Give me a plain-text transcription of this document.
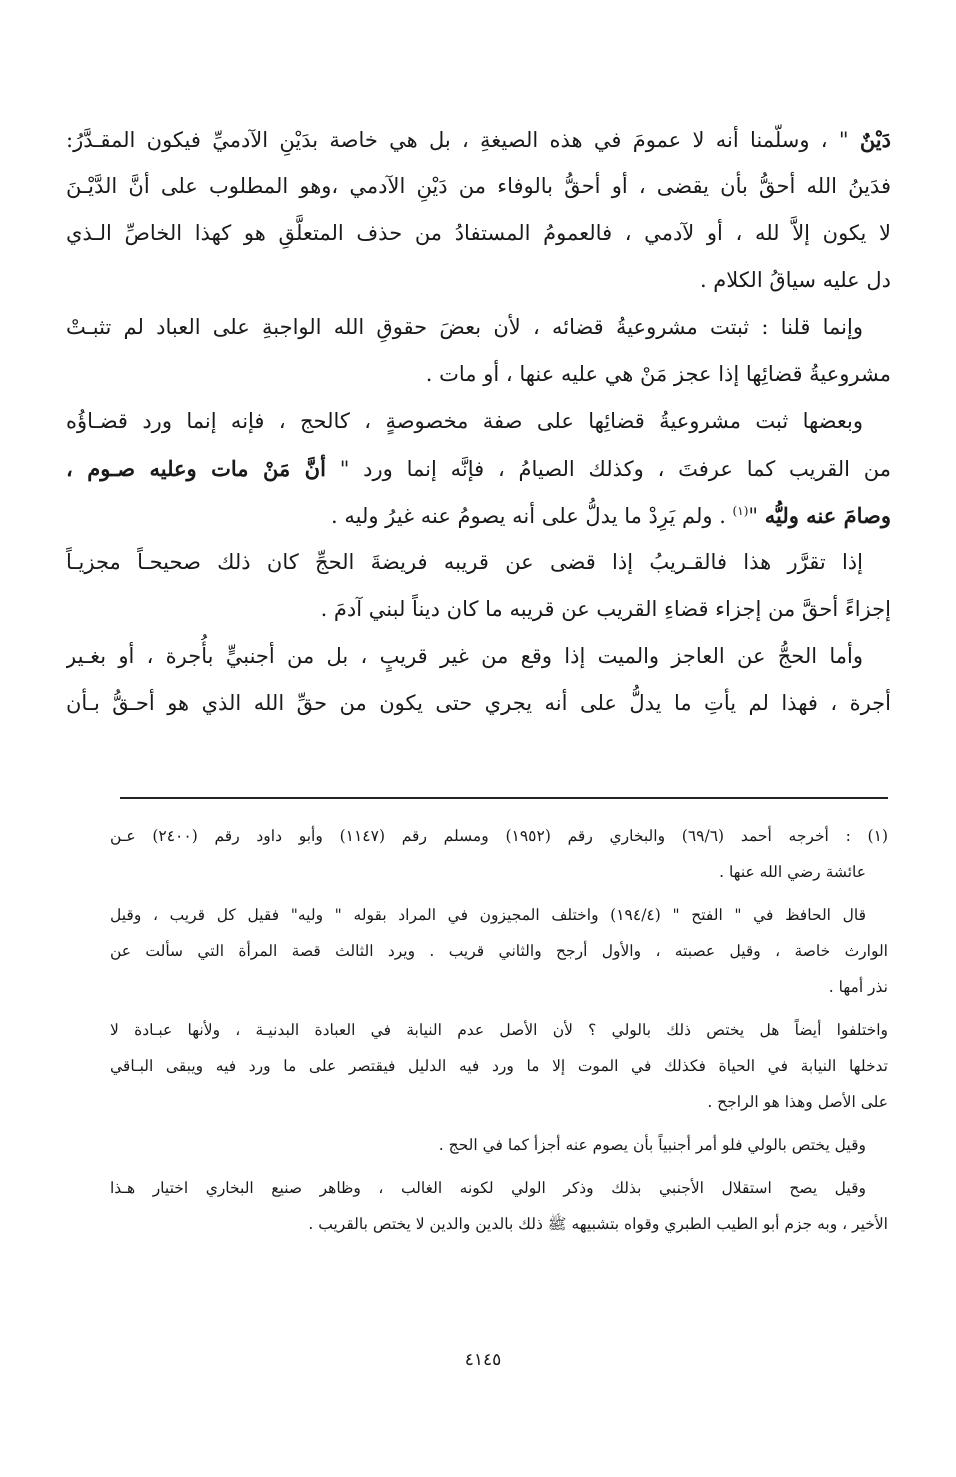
دَيْنٌ " ، وسلّمنا أنه لا عمومَ في هذه الصيغةِ ، بل هي خاصة بدَيْنِ الآدميِّ فيكون المقـدَّرُ:
فدَينُ الله أحقُّ بأن يقضى ، أو أحقُّ بالوفاء من دَيْنِ الآدمي ،وهو المطلوب على أنَّ الدَّيْـنَ
لا يكون إلاَّ لله ، أو لآدمي ، فالعمومُ المستفادُ من حذف المتعلَّقِ هو كهذا الخاصِّ الـذي
دل عليه سياقُ الكلام .
وإنما قلنا : ثبتت مشروعيةُ قضائه ، لأن بعضَ حقوقِ الله الواجبةِ على العباد لم تثبـتْ
مشروعيةُ قضائِها إذا عجز مَنْ هي عليه عنها ، أو مات .
وبعضها ثبت مشروعيةُ قضائِها على صفة مخصوصةٍ ، كالحج ، فإنه إنما ورد قضـاؤُه
من القريب كما عرفتَ ، وكذلك الصيامُ ، فإنَّه إنما ورد " أنَّ مَنْ مات وعليه صـوم ،
وصامَ عنه وليُّه "$^{(١)}$ . ولم يَرِدْ ما يدلُّ على أنه يصومُ عنه غيرُ وليه .
إذا تقرَّر هذا فالقـريبُ إذا قضى عن قريبه فريضةَ الحجِّ كان ذلك صحيحـاً مجزيـاً
إجزاءً أحقَّ من إجزاء قضاءِ القريب عن قريبه ما كان ديناً لبني آدمَ .
وأما الحجُّ عن العاجز والميت إذا وقع من غير قريبٍ ، بل من أجنبيٍّ بأُجرة ، أو بغـير
أجرة ، فهذا لم يأتِ ما يدلُّ على أنه يجري حتى يكون من حقِّ الله الذي هو أحـقُّ بـأن
(١) : أخرجه أحمد (٦٩/٦) والبخاري رقم (١٩٥٢) ومسلم رقم (١١٤٧) وأبو داود رقم (٢٤٠٠) عـن
عائشة رضي الله عنها .
قال الحافظ في " الفتح " (١٩٤/٤) واختلف المجيزون في المراد بقوله " وليه" فقيل كل قريب ، وقيل
الوارث خاصة ، وقيل عصبته ، والأول أرجح والثاني قريب . ويرد الثالث قصة المرأة التي سألت عن
نذر أمها .
واختلفوا أيضاً هل يختص ذلك بالولي ؟ لأن الأصل عدم النيابة في العبادة البدنيـة ، ولأنها عبـادة لا
تدخلها النيابة في الحياة فكذلك في الموت إلا ما ورد فيه الدليل فيقتصر على ما ورد فيه ويبقى البـاقي
على الأصل وهذا هو الراجح .
وقيل يختص بالولي فلو أمر أجنبياً بأن يصوم عنه أجزأ كما في الحج .
وقيل يصح استقلال الأجنبي بذلك وذكر الولي لكونه الغالب ، وظاهر صنيع البخاري اختيار هـذا
الأخير ، وبه جزم أبو الطيب الطبري وقواه بتشبيهه ﷺ ذلك بالدين والدين لا يختص بالقريب .
٤١٤٥
